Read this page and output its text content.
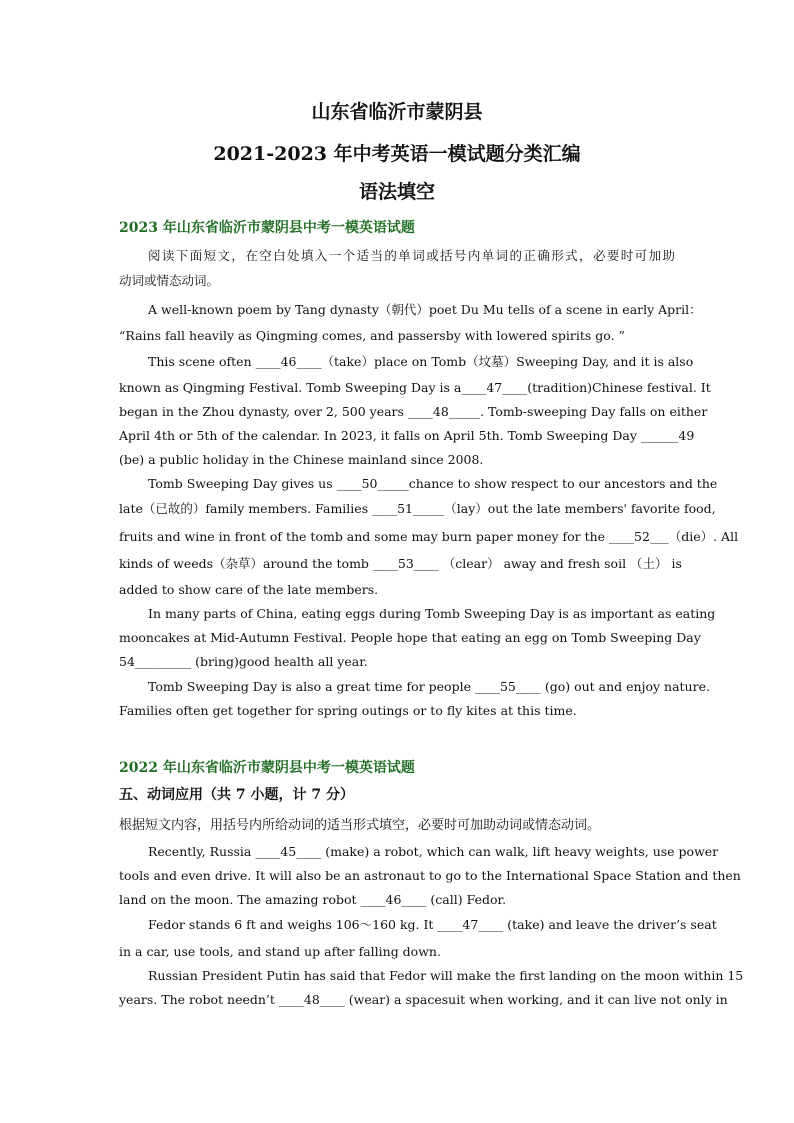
山东省临沂市蒙阴县
2021-2023 年中考英语一模试题分类汇编
语法填空
2023 年山东省临沂市蒙阴县中考一模英语试题
阅读下面短文，在空白处填入一个适当的单词或括号内单词的正确形式，必要时可加助
动词或情态动词。
A well-known poem by Tang dynasty（朝代）poet Du Mu tells of a scene in early April：
“Rains fall heavily as Qingming comes, and passersby with lowered spirits go. ”
This scene often ____46____（take）place on Tomb（坟墓）Sweeping Day, and it is also
known as Qingming Festival. Tomb Sweeping Day is a____47____(tradition)Chinese festival. It
began in the Zhou dynasty, over 2, 500 years ____48_____. Tomb-sweeping Day falls on either
April 4th or 5th of the calendar. In 2023, it falls on April 5th. Tomb Sweeping Day ______49
(be) a public holiday in the Chinese mainland since 2008.
Tomb Sweeping Day gives us ____50_____chance to show respect to our ancestors and the
late（已故的）family members. Families ____51_____（lay）out the late members' favorite food,
fruits and wine in front of the tomb and some may burn paper money for the ____52___（die）. All
kinds of weeds（杂草）around the tomb ____53____ （clear） away and fresh soil （土） is
added to show care of the late members.
In many parts of China, eating eggs during Tomb Sweeping Day is as important as eating
mooncakes at Mid-Autumn Festival. People hope that eating an egg on Tomb Sweeping Day
54_________ (bring)good health all year.
Tomb Sweeping Day is also a great time for people ____55____ (go) out and enjoy nature.
Families often get together for spring outings or to fly kites at this time.
2022 年山东省临沂市蒙阴县中考一模英语试题
五、动词应用（共 7 小题，计 7 分）
根据短文内容，用括号内所给动词的适当形式填空，必要时可加助动词或情态动词。
Recently, Russia ____45____ (make) a robot, which can walk, lift heavy weights, use power
tools and even drive. It will also be an astronaut to go to the International Space Station and then
land on the moon. The amazing robot ____46____ (call) Fedor.
Fedor stands 6 ft and weighs 106～160 kg. It ____47____ (take) and leave the driver’s seat
in a car, use tools, and stand up after falling down.
Russian President Putin has said that Fedor will make the first landing on the moon within 15
years. The robot needn’t ____48____ (wear) a spacesuit when working, and it can live not only in
